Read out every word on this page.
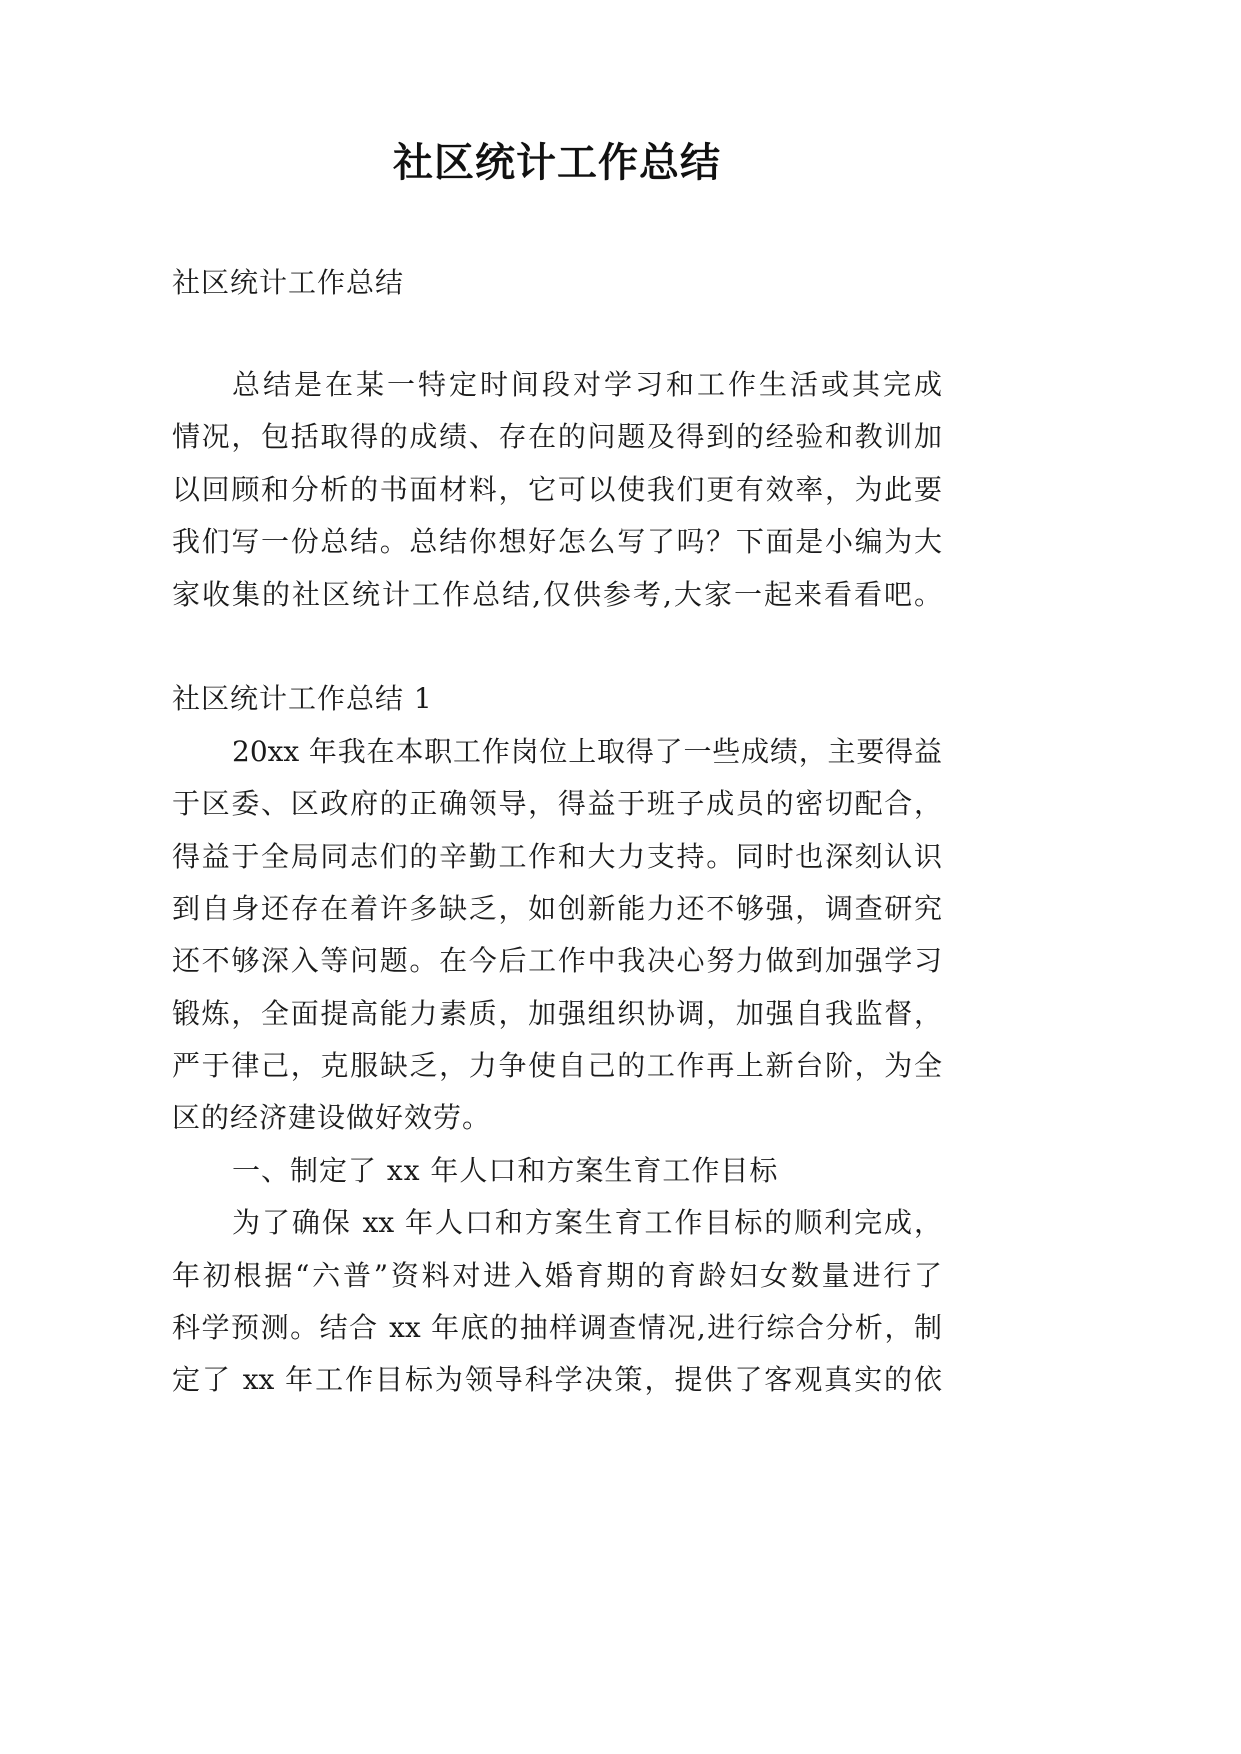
社区统计工作总结
社区统计工作总结
总结是在某一特定时间段对学习和工作生活或其完成
情况，包括取得的成绩、存在的问题及得到的经验和教训加
以回顾和分析的书面材料，它可以使我们更有效率，为此要
我们写一份总结。总结你想好怎么写了吗？下面是小编为大
家收集的社区统计工作总结,仅供参考,大家一起来看看吧。
社区统计工作总结 1
20xx 年我在本职工作岗位上取得了一些成绩，主要得益
于区委、区政府的正确领导，得益于班子成员的密切配合，
得益于全局同志们的辛勤工作和大力支持。同时也深刻认识
到自身还存在着许多缺乏，如创新能力还不够强，调查研究
还不够深入等问题。在今后工作中我决心努力做到加强学习
锻炼，全面提高能力素质，加强组织协调，加强自我监督，
严于律己，克服缺乏，力争使自己的工作再上新台阶，为全
区的经济建设做好效劳。
一、制定了 xx 年人口和方案生育工作目标
为了确保 xx 年人口和方案生育工作目标的顺利完成，
年初根据“六普”资料对进入婚育期的育龄妇女数量进行了
科学预测。结合 xx 年底的抽样调查情况,进行综合分析，制
定了 xx 年工作目标为领导科学决策，提供了客观真实的依
